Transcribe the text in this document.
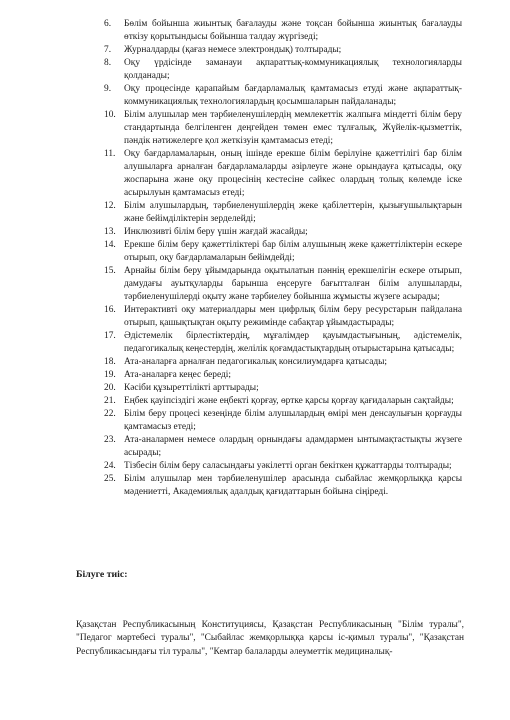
6.	Бөлім бойынша жиынтық бағалауды және тоқсан бойынша жиынтық бағалауды өткізу қорытындысы бойынша талдау жүргізеді;
7.	Журналдарды (қағаз немесе электрондық) толтырады;
8.	Оқу үрдісінде заманауи ақпараттық-коммуникациялық технологияларды қолданады;
9.	Оқу процесінде қарапайым бағдарламалық қамтамасыз етуді және ақпараттық-коммуникациялық технологиялардың қосымшаларын пайдаланады;
10. Білім алушылар мен тәрбиеленушілердің мемлекеттік жалпыға міндетті білім беру стандартында белгіленген деңгейден төмен емес тұлғалық, Жүйелік-қызметтік, пәндік нәтижелерге қол жеткізуін қамтамасыз етеді;
11. Оқу бағдарламаларын, оның ішінде ерекше білім берілуіне қажеттілігі бар білім алушыларға арналған бағдарламаларды әзірлеуге және орындауға қатысады, оқу жоспарына және оқу процесінің кестесіне сәйкес олардың толық көлемде іске асырылуын қамтамасыз етеді;
12. Білім алушылардың, тәрбиеленушілердің жеке қабілеттерін, қызығушылықтарын және бейімділіктерін зерделейді;
13. Инклюзивті білім беру үшін жағдай жасайды;
14. Ерекше білім беру қажеттіліктері бар білім алушының жеке қажеттіліктерін ескере отырып, оқу бағдарламаларын бейімдейді;
15. Арнайы білім беру ұйымдарында оқытылатын пәннің ерекшелігін ескере отырып, дамудағы ауытқуларды барынша еңсеруге бағытталған білім алушыларды, тәрбиеленушілерді оқыту және тәрбиелеу бойынша жұмысты жүзеге асырады;
16. Интерактивті оқу материалдары мен цифрлық білім беру ресурстарын пайдалана отырып, қашықтықтан оқыту режимінде сабақтар ұйымдастырады;
17. Әдістемелік бірлестіктердің, мұғалімдер қауымдастығының, әдістемелік, педагогикалық кеңестердің, желілік қоғамдастықтардың отырыстарына қатысады;
18. Ата-аналарға арналған педагогикалық консилиумдарға қатысады;
19. Ата-аналарға кеңес береді;
20. Кәсіби құзыреттілікті арттырады;
21. Еңбек қауіпсіздігі және еңбекті қорғау, өртке қарсы қорғау қағидаларын сақтайды;
22. Білім беру процесі кезеңінде білім алушылардың өмірі мен денсаулығын қорғауды қамтамасыз етеді;
23. Ата-аналармен немесе олардың орнындағы адамдармен ынтымақтастықты жүзеге асырады;
24. Тізбесін білім беру саласындағы уәкілетті орган бекіткен құжаттарды толтырады;
25. Білім алушылар мен тәрбиеленушілер арасында сыбайлас жемқорлыққа қарсы мәдениетті, Академиялық адалдық қағидаттарын бойына сіңіреді.

Білуге тиіс:

Қазақстан Республикасының Конституциясы, Қазақстан Республикасының "Білім туралы", "Педагог мәртебесі туралы", "Сыбайлас жемқорлыққа қарсы іс-қимыл туралы", "Қазақстан Республикасындағы тіл туралы", "Кемтар балаларды әлеуметтік медициналық-
